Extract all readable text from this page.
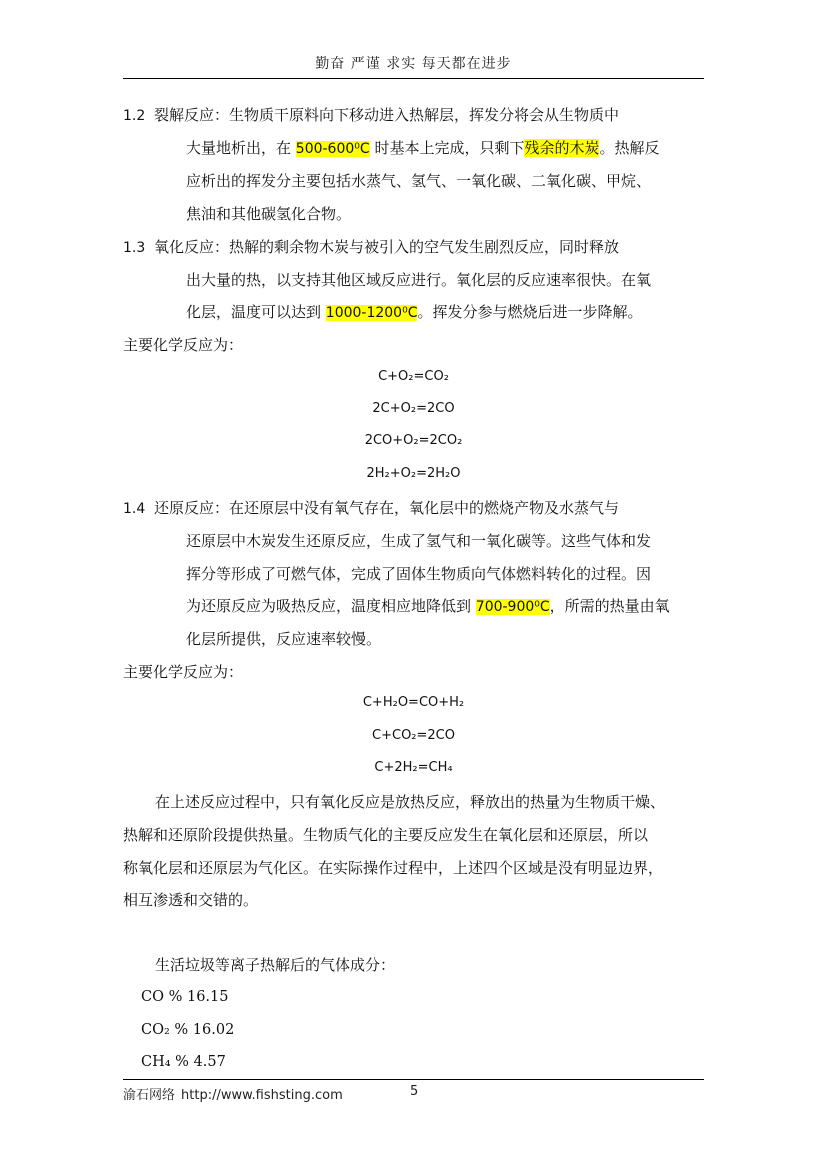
勤奋 严谨 求实 每天都在进步
1.2 裂解反应：生物质干原料向下移动进入热解层，挥发分将会从生物质中
大量地析出，在 500-600⁰C 时基本上完成，只剩下残余的木炭。热解反
应析出的挥发分主要包括水蒸气、氢气、一氧化碳、二氧化碳、甲烷、
焦油和其他碳氢化合物。
1.3 氧化反应：热解的剩余物木炭与被引入的空气发生剧烈反应，同时释放
出大量的热，以支持其他区域反应进行。氧化层的反应速率很快。在氧
化层，温度可以达到 1000-1200⁰C。挥发分参与燃烧后进一步降解。
主要化学反应为：
C+O₂=CO₂
2C+O₂=2CO
2CO+O₂=2CO₂
2H₂+O₂=2H₂O
1.4 还原反应：在还原层中没有氧气存在，氧化层中的燃烧产物及水蒸气与
还原层中木炭发生还原反应，生成了氢气和一氧化碳等。这些气体和发
挥分等形成了可燃气体，完成了固体生物质向气体燃料转化的过程。因
为还原反应为吸热反应，温度相应地降低到 700-900⁰C，所需的热量由氧
化层所提供，反应速率较慢。
主要化学反应为：
C+H₂O=CO+H₂
C+CO₂=2CO
C+2H₂=CH₄
在上述反应过程中，只有氧化反应是放热反应，释放出的热量为生物质干燥、
热解和还原阶段提供热量。生物质气化的主要反应发生在氧化层和还原层，所以
称氧化层和还原层为气化区。在实际操作过程中，上述四个区域是没有明显边界，
相互渗透和交错的。
生活垃圾等离子热解后的气体成分：
CO % 16.15
CO₂ % 16.02
CH₄ % 4.57
渝石网络 http://www.fishsting.com	5
